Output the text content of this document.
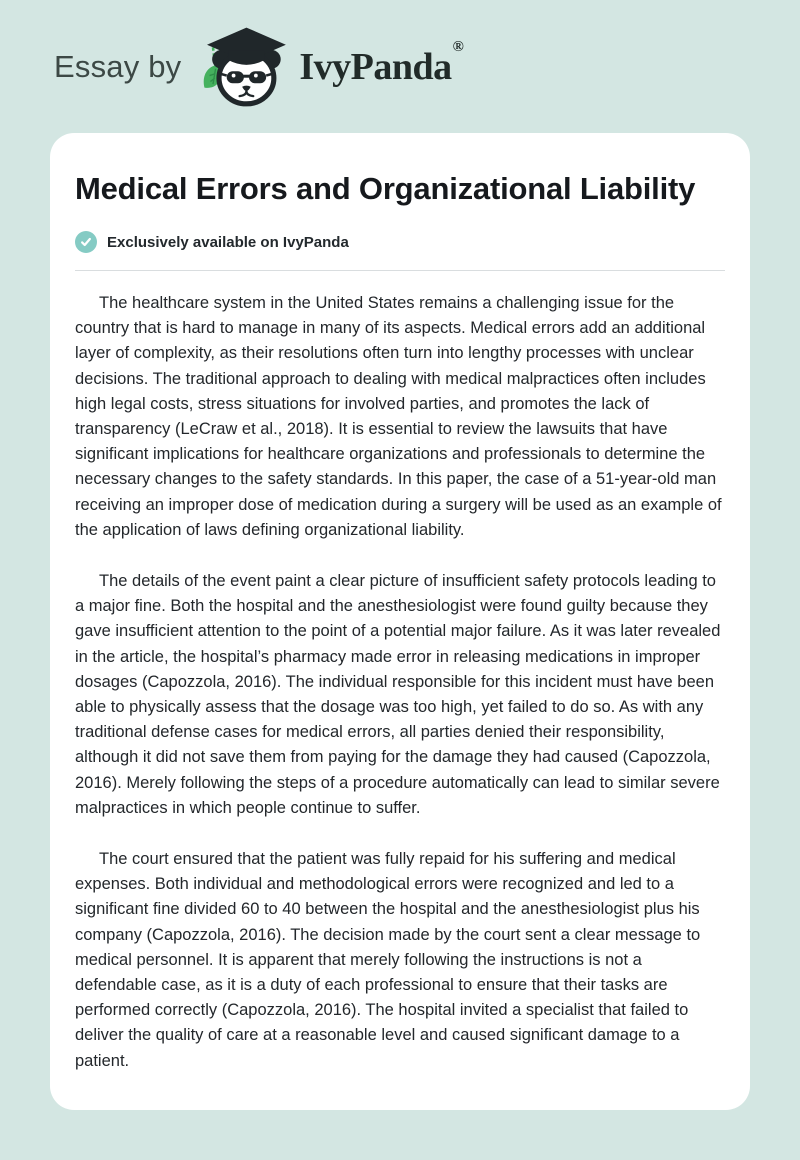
Essay by	IvyPanda®
Medical Errors and Organizational Liability
Exclusively available on IvyPanda

The healthcare system in the United States remains a challenging issue for the country that is hard to manage in many of its aspects. Medical errors add an additional layer of complexity, as their resolutions often turn into lengthy processes with unclear decisions. The traditional approach to dealing with medical malpractices often includes high legal costs, stress situations for involved parties, and promotes the lack of transparency (LeCraw et al., 2018). It is essential to review the lawsuits that have significant implications for healthcare organizations and professionals to determine the necessary changes to the safety standards. In this paper, the case of a 51-year-old man receiving an improper dose of medication during a surgery will be used as an example of the application of laws defining organizational liability.

The details of the event paint a clear picture of insufficient safety protocols leading to a major fine. Both the hospital and the anesthesiologist were found guilty because they gave insufficient attention to the point of a potential major failure. As it was later revealed in the article, the hospital’s pharmacy made error in releasing medications in improper dosages (Capozzola, 2016). The individual responsible for this incident must have been able to physically assess that the dosage was too high, yet failed to do so. As with any traditional defense cases for medical errors, all parties denied their responsibility, although it did not save them from paying for the damage they had caused (Capozzola, 2016). Merely following the steps of a procedure automatically can lead to similar severe malpractices in which people continue to suffer.

The court ensured that the patient was fully repaid for his suffering and medical expenses. Both individual and methodological errors were recognized and led to a significant fine divided 60 to 40 between the hospital and the anesthesiologist plus his company (Capozzola, 2016). The decision made by the court sent a clear message to medical personnel. It is apparent that merely following the instructions is not a defendable case, as it is a duty of each professional to ensure that their tasks are performed correctly (Capozzola, 2016). The hospital invited a specialist that failed to deliver the quality of care at a reasonable level and caused significant damage to a patient.
